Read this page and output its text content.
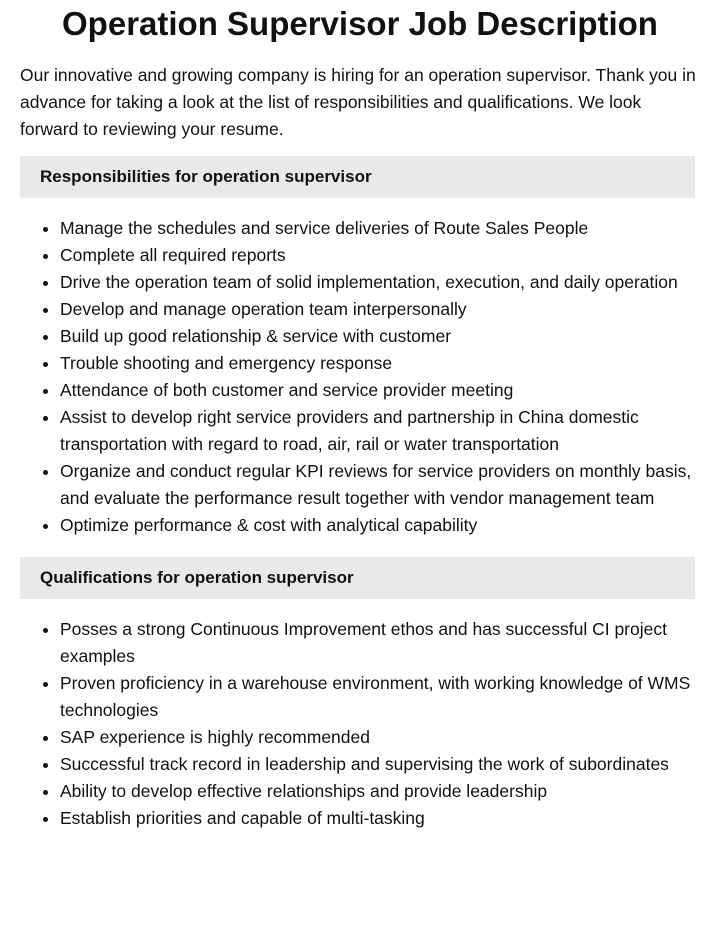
Operation Supervisor Job Description

Our innovative and growing company is hiring for an operation supervisor. Thank you in advance for taking a look at the list of responsibilities and qualifications. We look forward to reviewing your resume.

Responsibilities for operation supervisor
• Manage the schedules and service deliveries of Route Sales People
• Complete all required reports
• Drive the operation team of solid implementation, execution, and daily operation
• Develop and manage operation team interpersonally
• Build up good relationship & service with customer
• Trouble shooting and emergency response
• Attendance of both customer and service provider meeting
• Assist to develop right service providers and partnership in China domestic transportation with regard to road, air, rail or water transportation
• Organize and conduct regular KPI reviews for service providers on monthly basis, and evaluate the performance result together with vendor management team
• Optimize performance & cost with analytical capability
Qualifications for operation supervisor
• Posses a strong Continuous Improvement ethos and has successful CI project examples
• Proven proficiency in a warehouse environment, with working knowledge of WMS technologies
• SAP experience is highly recommended
• Successful track record in leadership and supervising the work of subordinates
• Ability to develop effective relationships and provide leadership
• Establish priorities and capable of multi-tasking
